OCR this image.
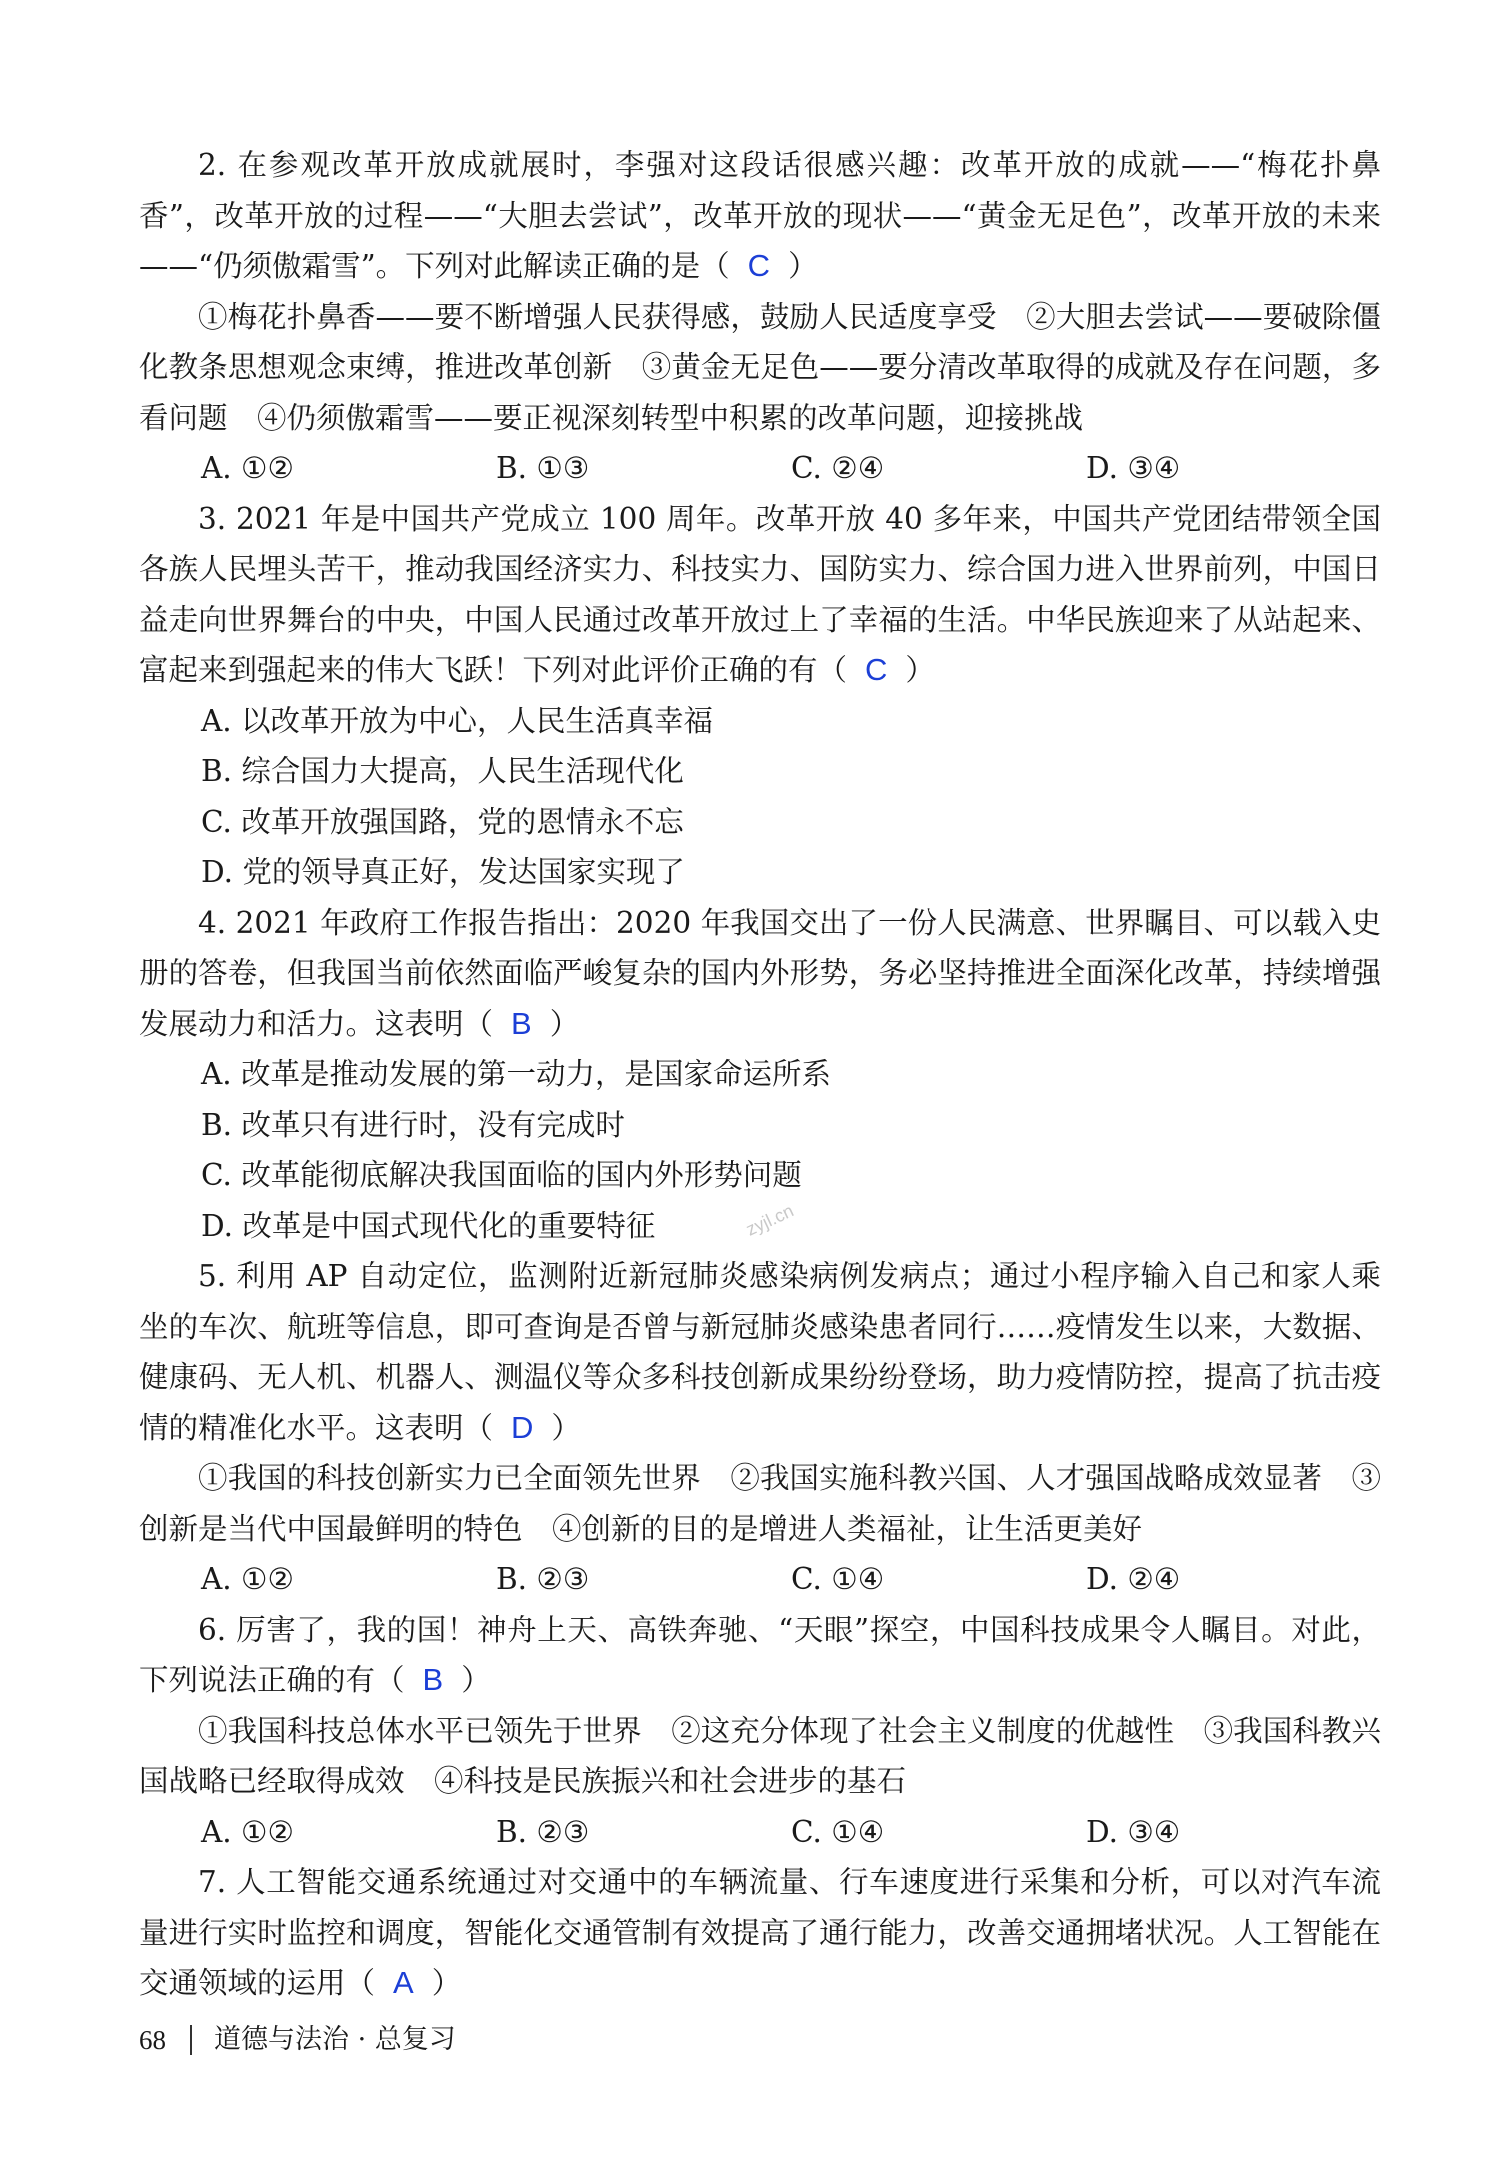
zyjl.cn

2. 在参观改革开放成就展时，李强对这段话很感兴趣：改革开放的成就——“梅花扑鼻香”，改革开放的过程——“大胆去尝试”，改革开放的现状——“黄金无足色”，改革开放的未来——“仍须傲霜雪”。下列对此解读正确的是（ C ）

①梅花扑鼻香——要不断增强人民获得感，鼓励人民适度享受　②大胆去尝试——要破除僵化教条思想观念束缚，推进改革创新　③黄金无足色——要分清改革取得的成就及存在问题，多看问题　④仍须傲霜雪——要正视深刻转型中积累的改革问题，迎接挑战

A. ①②	B. ①③	C. ②④	D. ③④

3. 2021 年是中国共产党成立 100 周年。改革开放 40 多年来，中国共产党团结带领全国各族人民埋头苦干，推动我国经济实力、科技实力、国防实力、综合国力进入世界前列，中国日益走向世界舞台的中央，中国人民通过改革开放过上了幸福的生活。中华民族迎来了从站起来、富起来到强起来的伟大飞跃！下列对此评价正确的有（ C ）

A. 以改革开放为中心，人民生活真幸福

B. 综合国力大提高，人民生活现代化

C. 改革开放强国路，党的恩情永不忘

D. 党的领导真正好，发达国家实现了

4. 2021 年政府工作报告指出：2020 年我国交出了一份人民满意、世界瞩目、可以载入史册的答卷，但我国当前依然面临严峻复杂的国内外形势，务必坚持推进全面深化改革，持续增强发展动力和活力。这表明（ B ）

A. 改革是推动发展的第一动力，是国家命运所系

B. 改革只有进行时，没有完成时

C. 改革能彻底解决我国面临的国内外形势问题

D. 改革是中国式现代化的重要特征

5. 利用 AP 自动定位，监测附近新冠肺炎感染病例发病点；通过小程序输入自己和家人乘坐的车次、航班等信息，即可查询是否曾与新冠肺炎感染患者同行……疫情发生以来，大数据、健康码、无人机、机器人、测温仪等众多科技创新成果纷纷登场，助力疫情防控，提高了抗击疫情的精准化水平。这表明（ D ）

①我国的科技创新实力已全面领先世界　②我国实施科教兴国、人才强国战略成效显著　③创新是当代中国最鲜明的特色　④创新的目的是增进人类福祉，让生活更美好

A. ①②	B. ②③	C. ①④	D. ②④

6. 厉害了，我的国！神舟上天、高铁奔驰、“天眼”探空，中国科技成果令人瞩目。对此，下列说法正确的有（ B ）

①我国科技总体水平已领先于世界　②这充分体现了社会主义制度的优越性　③我国科教兴国战略已经取得成效　④科技是民族振兴和社会进步的基石

A. ①②	B. ②③	C. ①④	D. ③④

7. 人工智能交通系统通过对交通中的车辆流量、行车速度进行采集和分析，可以对汽车流量进行实时监控和调度，智能化交通管制有效提高了通行能力，改善交通拥堵状况。人工智能在交通领域的运用（ A ）

68 道德与法治 · 总复习
